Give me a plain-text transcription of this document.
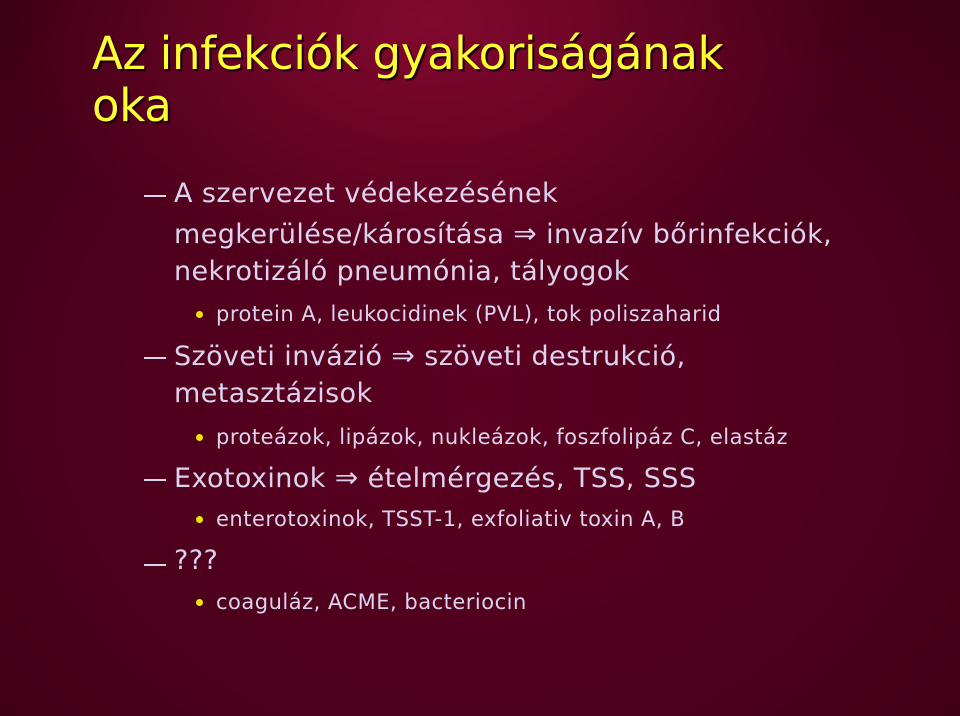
Az infekciók gyakoriságának
oka
A szervezet védekezésének
megkerülése/károsítása ⇒ invazív bőrinfekciók,
nekrotizáló pneumónia, tályogok
protein A, leukocidinek (PVL), tok poliszaharid
Szöveti invázió ⇒ szöveti destrukció,
metasztázisok
proteázok, lipázok, nukleázok, foszfolipáz C, elastáz
Exotoxinok ⇒ ételmérgezés, TSS, SSS
enterotoxinok, TSST-1, exfoliativ toxin A, B
???
coaguláz, ACME, bacteriocin
